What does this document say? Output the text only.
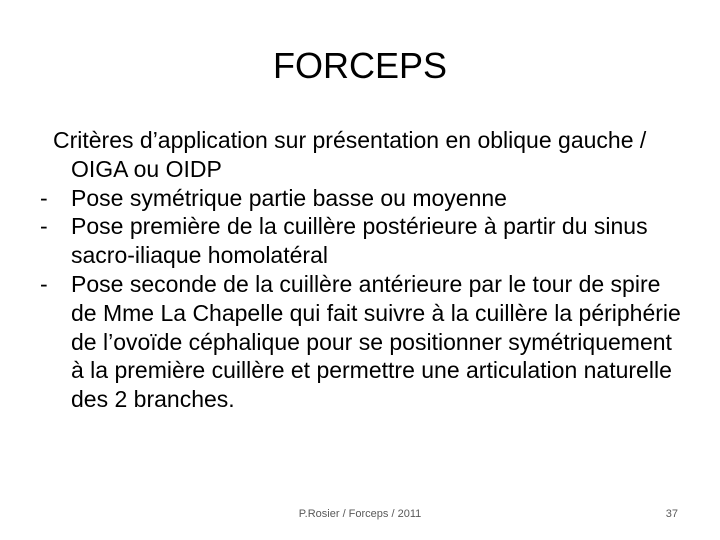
FORCEPS

Critères d’application sur présentation en oblique gauche / OIGA ou OIDP

- Pose symétrique partie basse ou moyenne
- Pose première de la cuillère postérieure à partir du sinus sacro-iliaque homolatéral
- Pose seconde de la cuillère antérieure par le tour de spire de Mme La Chapelle qui fait suivre à la cuillère la périphérie de l’ovoïde céphalique pour se positionner symétriquement à la première cuillère et permettre une articulation naturelle des 2 branches.
P.Rosier / Forceps / 2011	37
